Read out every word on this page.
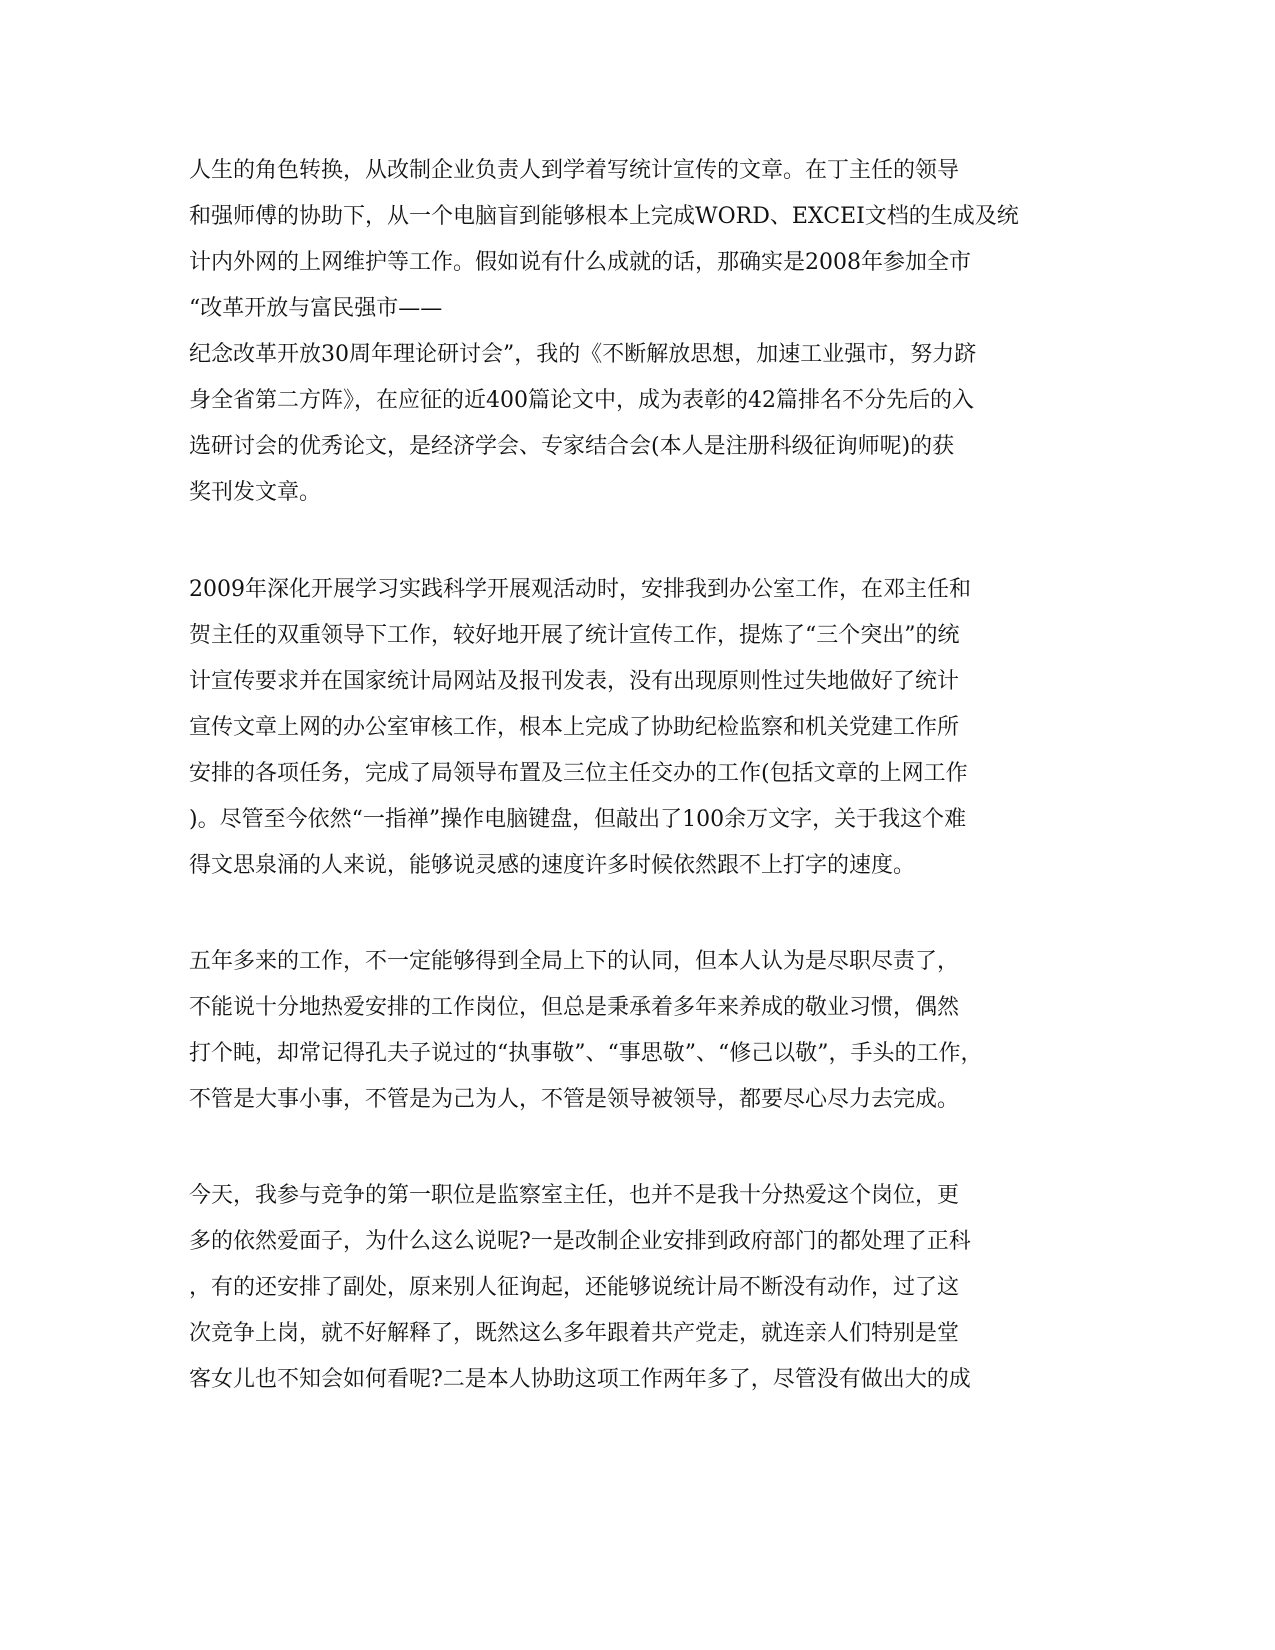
人生的角色转换，从改制企业负责人到学着写统计宣传的文章。在丁主任的领导
和强师傅的协助下，从一个电脑盲到能够根本上完成WORD、EXCEI文档的生成及统
计内外网的上网维护等工作。假如说有什么成就的话，那确实是2008年参加全市
“改革开放与富民强市——
纪念改革开放30周年理论研讨会”，我的《不断解放思想，加速工业强市，努力跻
身全省第二方阵》，在应征的近400篇论文中，成为表彰的42篇排名不分先后的入
选研讨会的优秀论文，是经济学会、专家结合会(本人是注册科级征询师呢)的获
奖刊发文章。
2009年深化开展学习实践科学开展观活动时，安排我到办公室工作，在邓主任和
贺主任的双重领导下工作，较好地开展了统计宣传工作，提炼了“三个突出”的统
计宣传要求并在国家统计局网站及报刊发表，没有出现原则性过失地做好了统计
宣传文章上网的办公室审核工作，根本上完成了协助纪检监察和机关党建工作所
安排的各项任务，完成了局领导布置及三位主任交办的工作(包括文章的上网工作
)。尽管至今依然“一指禅”操作电脑键盘，但敲出了100余万文字，关于我这个难
得文思泉涌的人来说，能够说灵感的速度许多时候依然跟不上打字的速度。
五年多来的工作，不一定能够得到全局上下的认同，但本人认为是尽职尽责了，
不能说十分地热爱安排的工作岗位，但总是秉承着多年来养成的敬业习惯，偶然
打个盹，却常记得孔夫子说过的“执事敬”、“事思敬”、“修己以敬”，手头的工作，
不管是大事小事，不管是为己为人，不管是领导被领导，都要尽心尽力去完成。
今天，我参与竞争的第一职位是监察室主任，也并不是我十分热爱这个岗位，更
多的依然爱面子，为什么这么说呢?一是改制企业安排到政府部门的都处理了正科
，有的还安排了副处，原来别人征询起，还能够说统计局不断没有动作，过了这
次竞争上岗，就不好解释了，既然这么多年跟着共产党走，就连亲人们特别是堂
客女儿也不知会如何看呢?二是本人协助这项工作两年多了，尽管没有做出大的成
